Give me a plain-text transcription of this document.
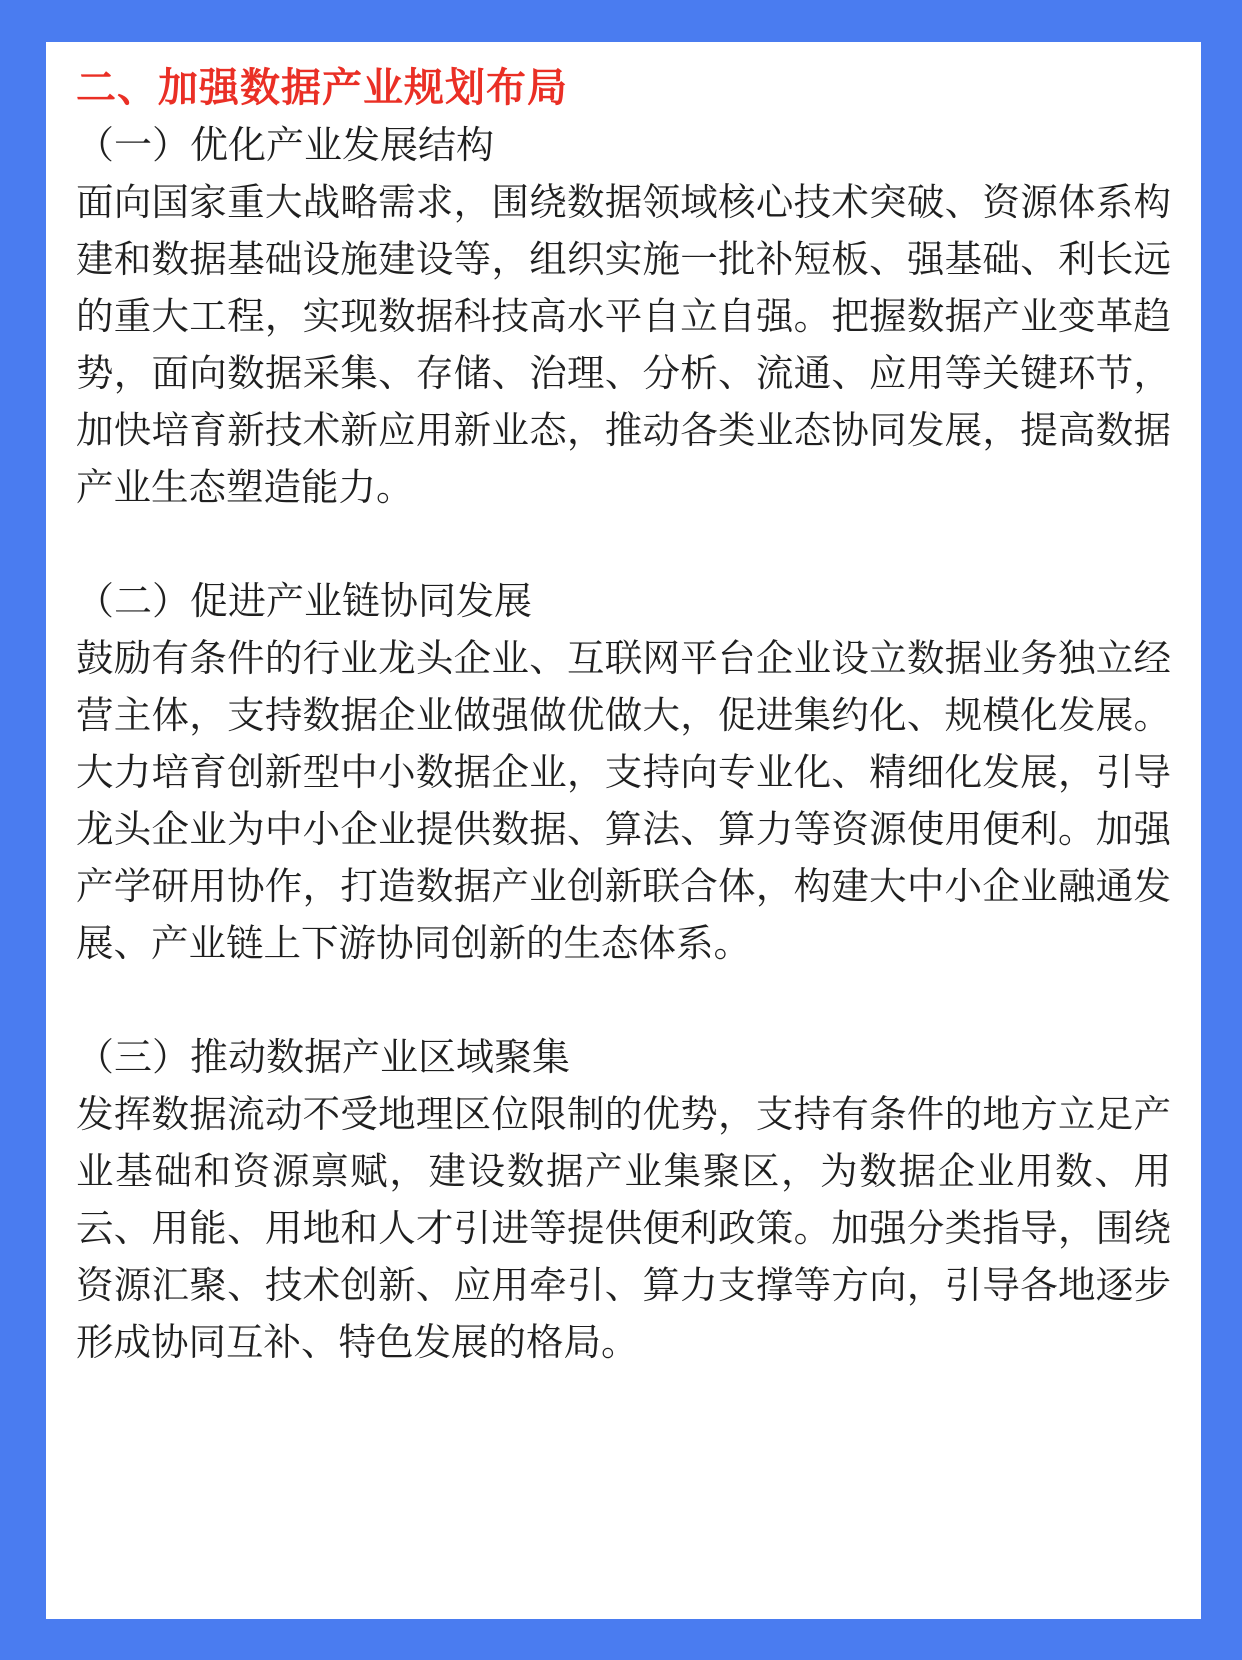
二、加强数据产业规划布局
（一）优化产业发展结构

面向国家重大战略需求，围绕数据领域核心技术突破、资源体系构建和数据基础设施建设等，组织实施一批补短板、强基础、利长远的重大工程，实现数据科技高水平自立自强。把握数据产业变革趋势，面向数据采集、存储、治理、分析、流通、应用等关键环节，加快培育新技术新应用新业态，推动各类业态协同发展，提高数据产业生态塑造能力。

（二）促进产业链协同发展

鼓励有条件的行业龙头企业、互联网平台企业设立数据业务独立经营主体，支持数据企业做强做优做大，促进集约化、规模化发展。大力培育创新型中小数据企业，支持向专业化、精细化发展，引导龙头企业为中小企业提供数据、算法、算力等资源使用便利。加强产学研用协作，打造数据产业创新联合体，构建大中小企业融通发展、产业链上下游协同创新的生态体系。

（三）推动数据产业区域聚集

发挥数据流动不受地理区位限制的优势，支持有条件的地方立足产业基础和资源禀赋，建设数据产业集聚区，为数据企业用数、用云、用能、用地和人才引进等提供便利政策。加强分类指导，围绕资源汇聚、技术创新、应用牵引、算力支撑等方向，引导各地逐步形成协同互补、特色发展的格局。
